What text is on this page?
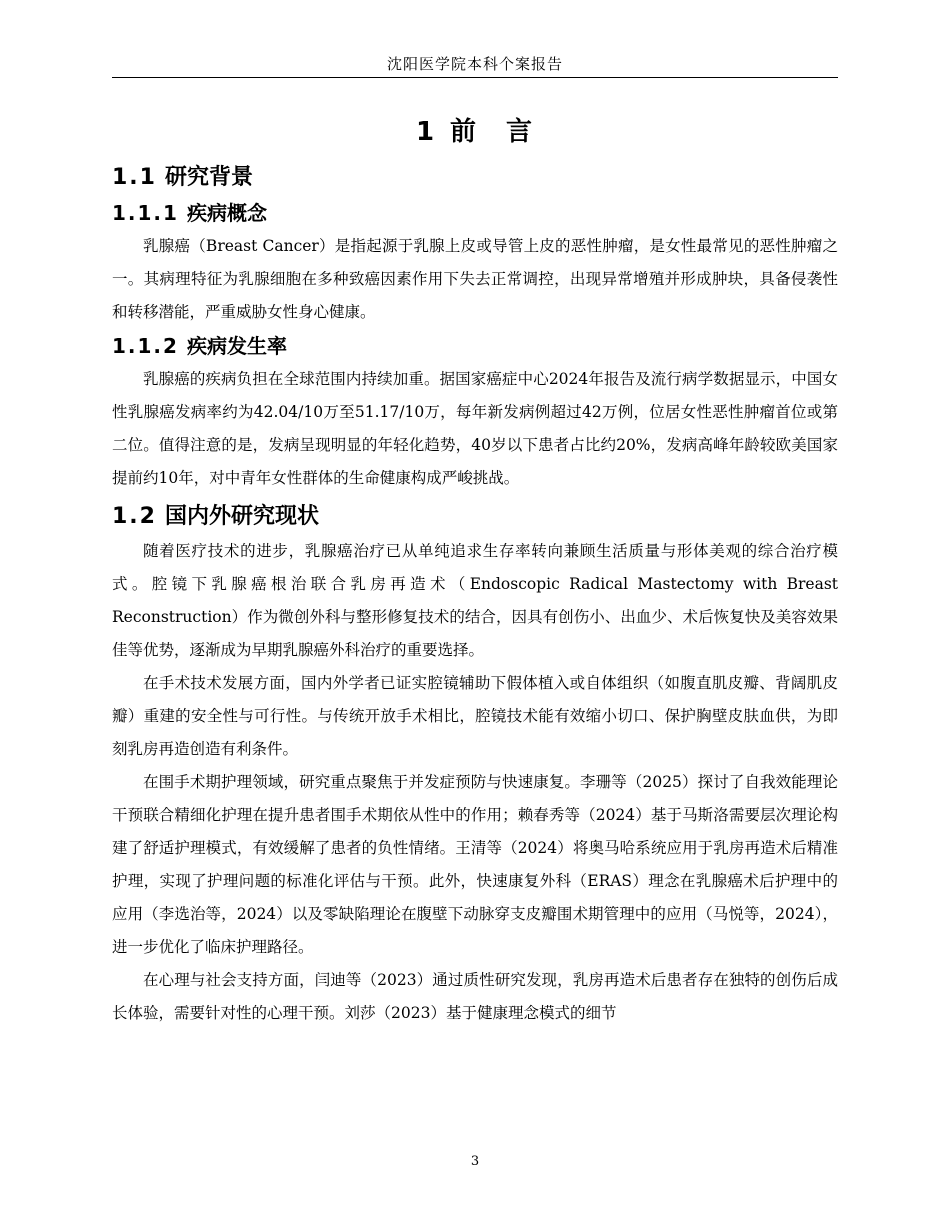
沈阳医学院本科个案报告
1 前 言
1.1 研究背景
1.1.1 疾病概念

乳腺癌（Breast Cancer）是指起源于乳腺上皮或导管上皮的恶性肿瘤，是女性最常见的恶性肿瘤之一。其病理特征为乳腺细胞在多种致癌因素作用下失去正常调控，出现异常增殖并形成肿块，具备侵袭性和转移潜能，严重威胁女性身心健康。

1.1.2 疾病发生率

乳腺癌的疾病负担在全球范围内持续加重。据国家癌症中心2024年报告及流行病学数据显示，中国女性乳腺癌发病率约为42.04/10万至51.17/10万，每年新发病例超过42万例，位居女性恶性肿瘤首位或第二位。值得注意的是，发病呈现明显的年轻化趋势，40岁以下患者占比约20%，发病高峰年龄较欧美国家提前约10年，对中青年女性群体的生命健康构成严峻挑战。

1.2 国内外研究现状

随着医疗技术的进步，乳腺癌治疗已从单纯追求生存率转向兼顾生活质量与形体美观的综合治疗模式。腔镜下乳腺癌根治联合乳房再造术（Endoscopic Radical Mastectomy with Breast Reconstruction）作为微创外科与整形修复技术的结合，因具有创伤小、出血少、术后恢复快及美容效果佳等优势，逐渐成为早期乳腺癌外科治疗的重要选择。

在手术技术发展方面，国内外学者已证实腔镜辅助下假体植入或自体组织（如腹直肌皮瓣、背阔肌皮瓣）重建的安全性与可行性。与传统开放手术相比，腔镜技术能有效缩小切口、保护胸壁皮肤血供，为即刻乳房再造创造有利条件。

在围手术期护理领域，研究重点聚焦于并发症预防与快速康复。李珊等（2025）探讨了自我效能理论干预联合精细化护理在提升患者围手术期依从性中的作用；赖春秀等（2024）基于马斯洛需要层次理论构建了舒适护理模式，有效缓解了患者的负性情绪。王清等（2024）将奥马哈系统应用于乳房再造术后精准护理，实现了护理问题的标准化评估与干预。此外，快速康复外科（ERAS）理念在乳腺癌术后护理中的应用（李选治等，2024）以及零缺陷理论在腹壁下动脉穿支皮瓣围术期管理中的应用（马悦等，2024），进一步优化了临床护理路径。

在心理与社会支持方面，闫迪等（2023）通过质性研究发现，乳房再造术后患者存在独特的创伤后成长体验，需要针对性的心理干预。刘莎（2023）基于健康理念模式的细节

3
